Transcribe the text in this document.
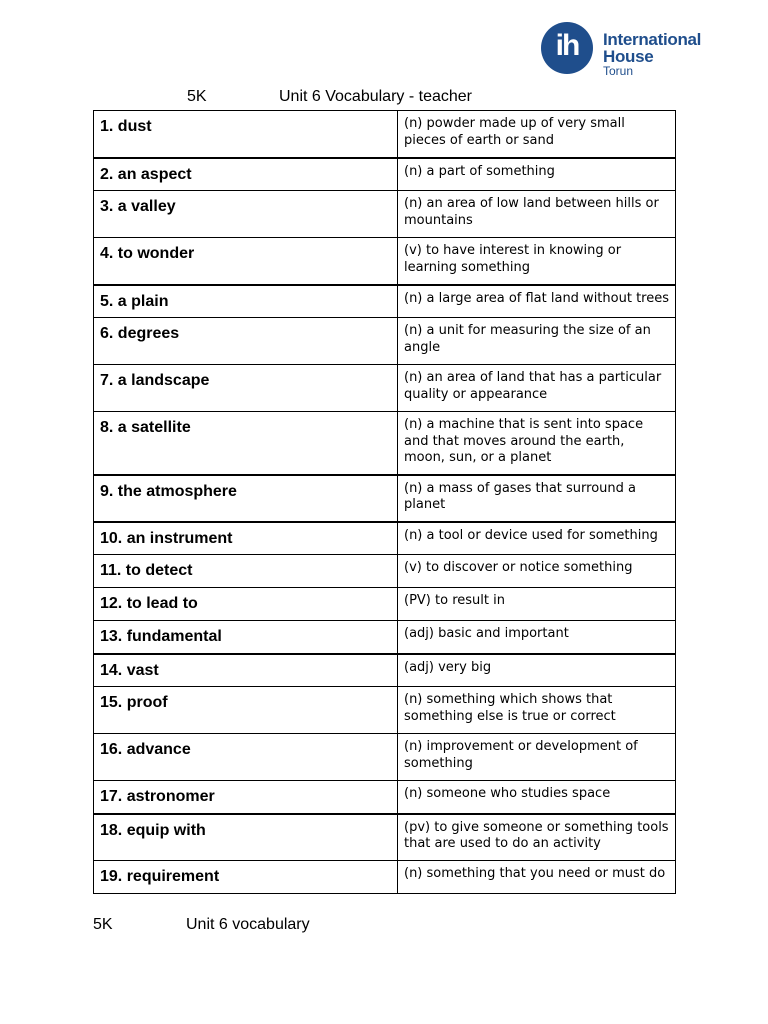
ih	International
House
Torun
5K	Unit 6 Vocabulary - teacher
1. dust	(n) powder made up of very small pieces of earth or sand
2. an aspect	(n) a part of something
3. a valley	(n) an area of low land between hills or mountains
4. to wonder	(v) to have interest in knowing or learning something
5. a plain	(n) a large area of flat land without trees
6. degrees	(n) a unit for measuring the size of an angle
7. a landscape	(n) an area of land that has a particular quality or appearance
8. a satellite	(n) a machine that is sent into space and that moves around the earth, moon, sun, or a planet
9. the atmosphere	(n) a mass of gases that surround a planet
10. an instrument	(n) a tool or device used for something
11. to detect	(v) to discover or notice something
12. to lead to	(PV) to result in
13. fundamental	(adj) basic and important
14. vast	(adj) very big
15. proof	(n) something which shows that something else is true or correct
16. advance	(n) improvement or development of something
17. astronomer	(n) someone who studies space
18. equip with	(pv) to give someone or something tools that are used to do an activity
19. requirement	(n) something that you need or must do
5K	Unit 6 vocabulary
